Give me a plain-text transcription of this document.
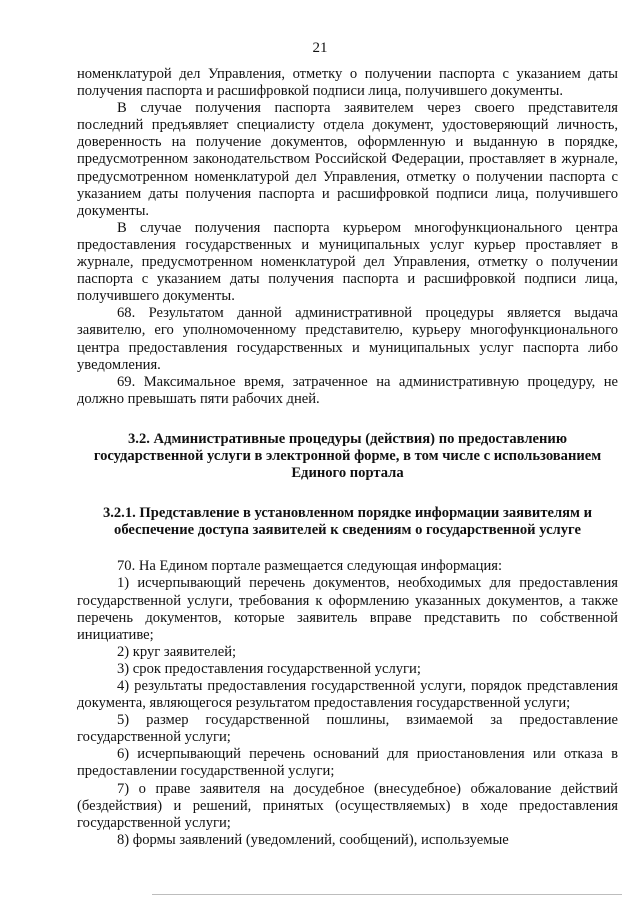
21

номенклатурой дел Управления, отметку о получении паспорта с указанием даты получения паспорта и расшифровкой подписи лица, получившего документы.

В случае получения паспорта заявителем через своего представителя последний предъявляет специалисту отдела документ, удостоверяющий личность, доверенность на получение документов, оформленную и выданную в порядке, предусмотренном законодательством Российской Федерации, проставляет в журнале, предусмотренном номенклатурой дел Управления, отметку о получении паспорта с указанием даты получения паспорта и расшифровкой подписи лица, получившего документы.

В случае получения паспорта курьером многофункционального центра предоставления государственных и муниципальных услуг курьер проставляет в журнале, предусмотренном номенклатурой дел Управления, отметку о получении паспорта с указанием даты получения паспорта и расшифровкой подписи лица, получившего документы.

68. Результатом данной административной процедуры является выдача заявителю, его уполномоченному представителю, курьеру многофункционального центра предоставления государственных и муниципальных услуг паспорта либо уведомления.

69. Максимальное время, затраченное на административную процедуру, не должно превышать пяти рабочих дней.

3.2. Административные процедуры (действия) по предоставлению государственной услуги в электронной форме, в том числе с использованием Единого портала

3.2.1. Представление в установленном порядке информации заявителям и обеспечение доступа заявителей к сведениям о государственной услуге

70. На Едином портале размещается следующая информация:

1) исчерпывающий перечень документов, необходимых для предоставления государственной услуги, требования к оформлению указанных документов, а также перечень документов, которые заявитель вправе представить по собственной инициативе;

2) круг заявителей;

3) срок предоставления государственной услуги;

4) результаты предоставления государственной услуги, порядок представления документа, являющегося результатом предоставления государственной услуги;

5) размер государственной пошлины, взимаемой за предоставление государственной услуги;

6) исчерпывающий перечень оснований для приостановления или отказа в предоставлении государственной услуги;

7) о праве заявителя на досудебное (внесудебное) обжалование действий (бездействия) и решений, принятых (осуществляемых) в ходе предоставления государственной услуги;

8) формы заявлений (уведомлений, сообщений), используемые
